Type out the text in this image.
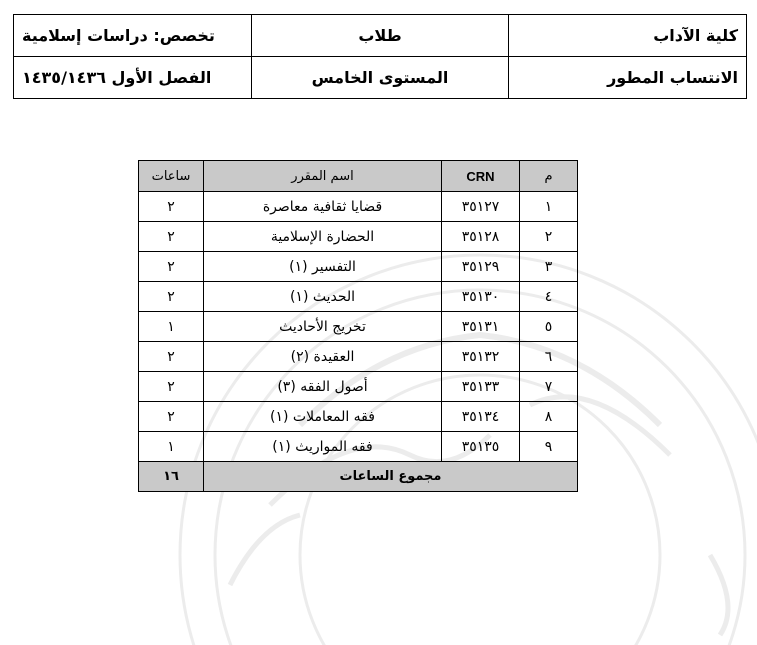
كلية الآداب	طلاب	تخصص: دراسات إسلامية
الانتساب المطور	المستوى الخامس	الفصل الأول ١٤٣٥/١٤٣٦
م	CRN	اسم المقرر	ساعات
١	٣٥١٢٧	قضايا ثقافية معاصرة	٢
٢	٣٥١٢٨	الحضارة الإسلامية	٢
٣	٣٥١٢٩	التفسير (١)	٢
٤	٣٥١٣٠	الحديث (١)	٢
٥	٣٥١٣١	تخريج الأحاديث	١
٦	٣٥١٣٢	العقيدة (٢)	٢
٧	٣٥١٣٣	أصول الفقه (٣)	٢
٨	٣٥١٣٤	فقه المعاملات (١)	٢
٩	٣٥١٣٥	فقه المواريث (١)	١
مجموع الساعات			١٦
